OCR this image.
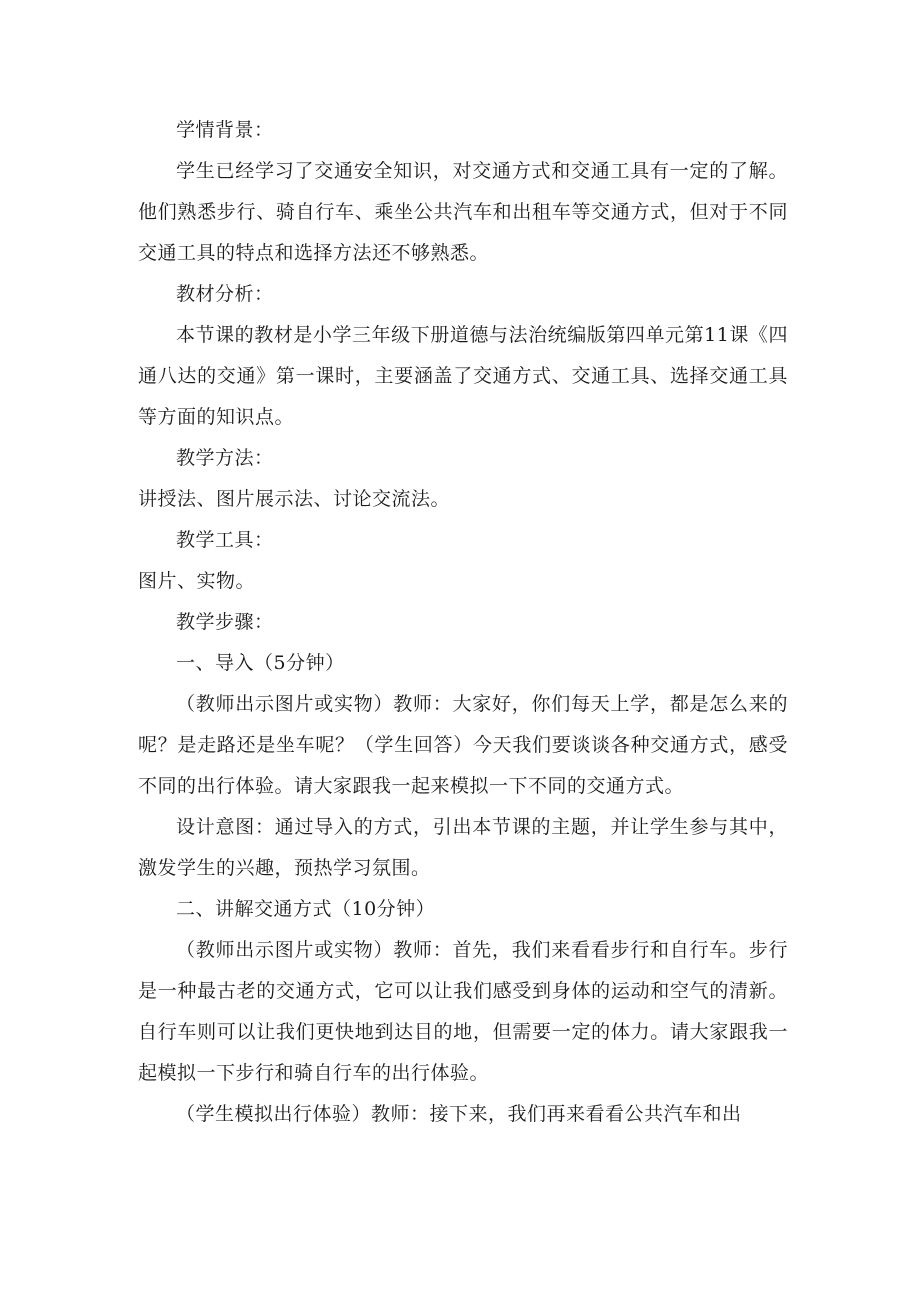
学情背景：

学生已经学习了交通安全知识，对交通方式和交通工具有一定的了解。他们熟悉步行、骑自行车、乘坐公共汽车和出租车等交通方式，但对于不同交通工具的特点和选择方法还不够熟悉。

教材分析：

本节课的教材是小学三年级下册道德与法治统编版第四单元第11课《四通八达的交通》第一课时，主要涵盖了交通方式、交通工具、选择交通工具等方面的知识点。

教学方法：

讲授法、图片展示法、讨论交流法。

教学工具：

图片、实物。

教学步骤：

一、导入（5分钟）

（教师出示图片或实物）教师：大家好，你们每天上学，都是怎么来的呢？是走路还是坐车呢？（学生回答）今天我们要谈谈各种交通方式，感受不同的出行体验。请大家跟我一起来模拟一下不同的交通方式。

设计意图：通过导入的方式，引出本节课的主题，并让学生参与其中，激发学生的兴趣，预热学习氛围。

二、讲解交通方式（10分钟）

（教师出示图片或实物）教师：首先，我们来看看步行和自行车。步行是一种最古老的交通方式，它可以让我们感受到身体的运动和空气的清新。自行车则可以让我们更快地到达目的地，但需要一定的体力。请大家跟我一起模拟一下步行和骑自行车的出行体验。

（学生模拟出行体验）教师：接下来，我们再来看看公共汽车和出
